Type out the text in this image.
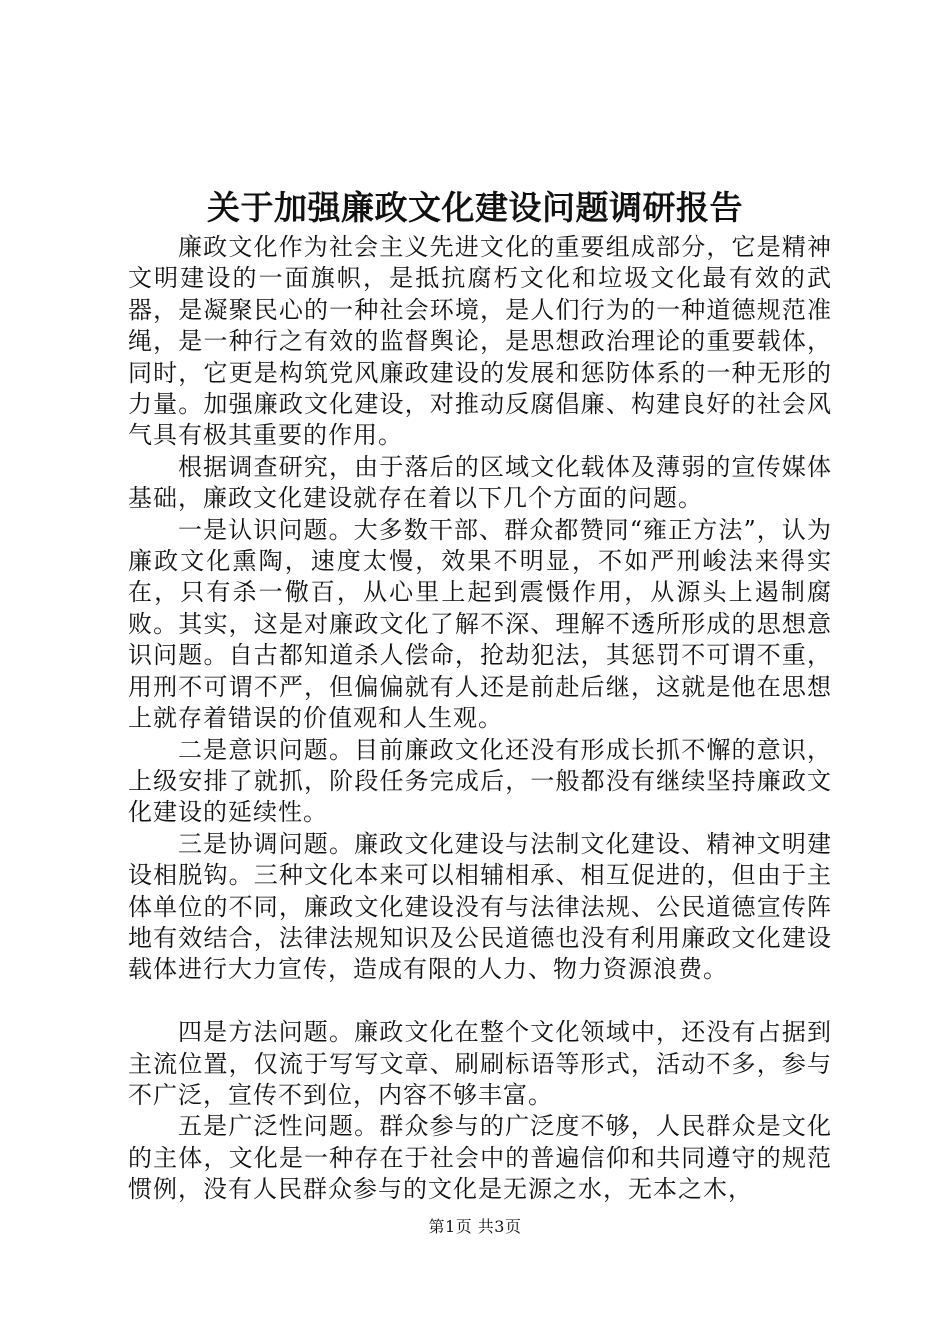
关于加强廉政文化建设问题调研报告

廉政文化作为社会主义先进文化的重要组成部分，它是精神文明建设的一面旗帜，是抵抗腐朽文化和垃圾文化最有效的武器，是凝聚民心的一种社会环境，是人们行为的一种道德规范准绳，是一种行之有效的监督舆论，是思想政治理论的重要载体，同时，它更是构筑党风廉政建设的发展和惩防体系的一种无形的力量。加强廉政文化建设，对推动反腐倡廉、构建良好的社会风气具有极其重要的作用。

根据调查研究，由于落后的区域文化载体及薄弱的宣传媒体基础，廉政文化建设就存在着以下几个方面的问题。

一是认识问题。大多数干部、群众都赞同“雍正方法”，认为廉政文化熏陶，速度太慢，效果不明显，不如严刑峻法来得实在，只有杀一儆百，从心里上起到震慑作用，从源头上遏制腐败。其实，这是对廉政文化了解不深、理解不透所形成的思想意识问题。自古都知道杀人偿命，抢劫犯法，其惩罚不可谓不重，用刑不可谓不严，但偏偏就有人还是前赴后继，这就是他在思想上就存着错误的价值观和人生观。

二是意识问题。目前廉政文化还没有形成长抓不懈的意识，上级安排了就抓，阶段任务完成后，一般都没有继续坚持廉政文化建设的延续性。

三是协调问题。廉政文化建设与法制文化建设、精神文明建设相脱钩。三种文化本来可以相辅相承、相互促进的，但由于主体单位的不同，廉政文化建设没有与法律法规、公民道德宣传阵地有效结合，法律法规知识及公民道德也没有利用廉政文化建设载体进行大力宣传，造成有限的人力、物力资源浪费。

四是方法问题。廉政文化在整个文化领域中，还没有占据到主流位置，仅流于写写文章、刷刷标语等形式，活动不多，参与不广泛，宣传不到位，内容不够丰富。

五是广泛性问题。群众参与的广泛度不够，人民群众是文化的主体，文化是一种存在于社会中的普遍信仰和共同遵守的规范惯例，没有人民群众参与的文化是无源之水，无本之木，

第1页 共3页
